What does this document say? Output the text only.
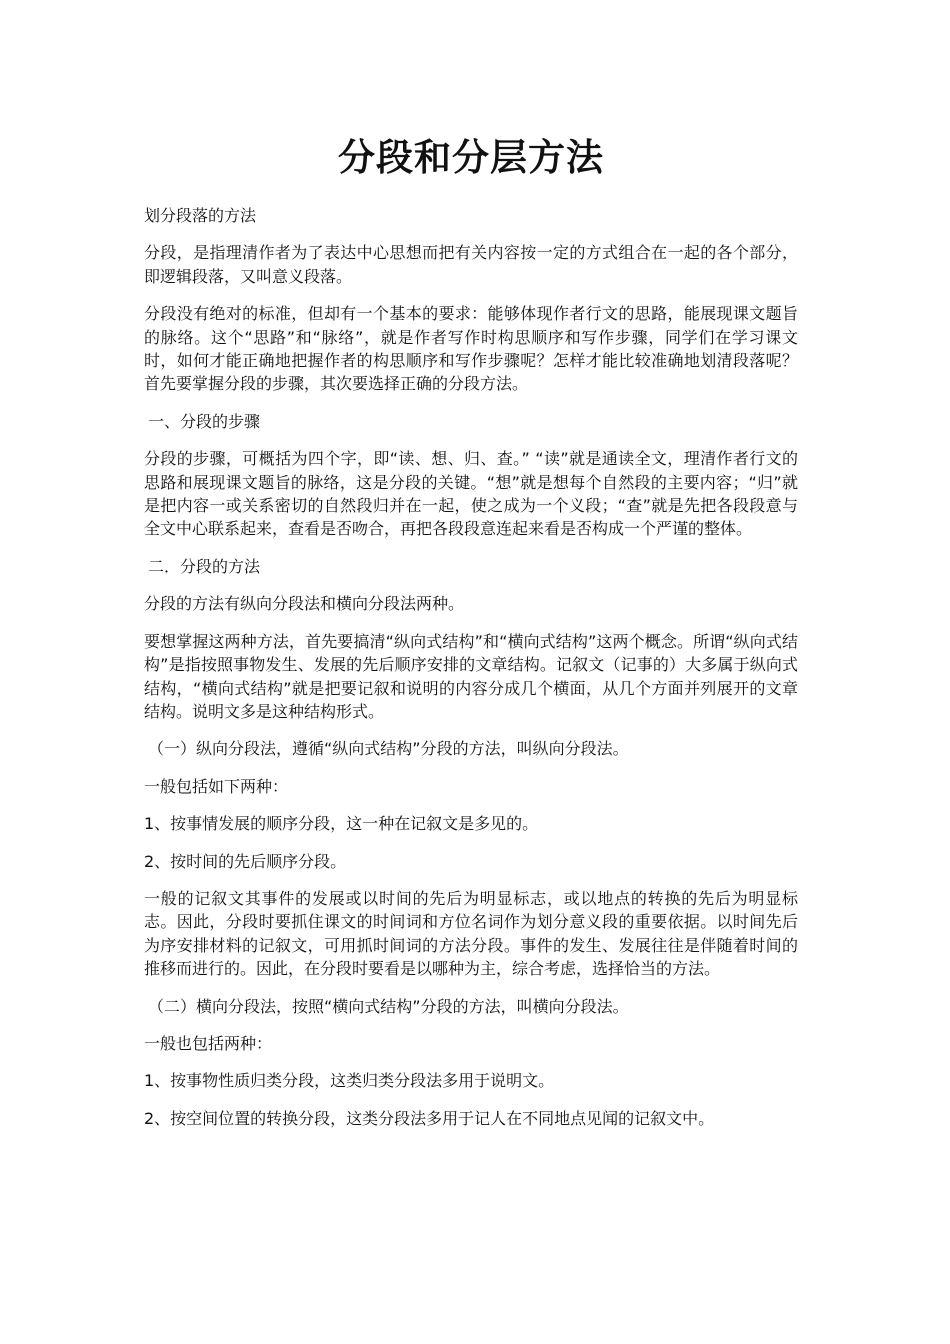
分段和分层方法

划分段落的方法

分段，是指理清作者为了表达中心思想而把有关内容按一定的方式组合在一起的各个部分，即逻辑段落，又叫意义段落。

分段没有绝对的标准，但却有一个基本的要求：能够体现作者行文的思路，能展现课文题旨的脉络。这个“思路”和“脉络”，就是作者写作时构思顺序和写作步骤，同学们在学习课文时，如何才能正确地把握作者的构思顺序和写作步骤呢？怎样才能比较准确地划清段落呢？首先要掌握分段的步骤，其次要选择正确的分段方法。

一、分段的步骤

分段的步骤，可概括为四个字，即“读、想、归、查。” “读”就是通读全文，理清作者行文的思路和展现课文题旨的脉络，这是分段的关键。“想”就是想每个自然段的主要内容；“归”就是把内容一或关系密切的自然段归并在一起，使之成为一个义段；“查”就是先把各段段意与全文中心联系起来，查看是否吻合，再把各段段意连起来看是否构成一个严谨的整体。

二．分段的方法

分段的方法有纵向分段法和横向分段法两种。

要想掌握这两种方法，首先要搞清“纵向式结构”和“横向式结构”这两个概念。所谓“纵向式结构”是指按照事物发生、发展的先后顺序安排的文章结构。记叙文（记事的）大多属于纵向式结构，“横向式结构”就是把要记叙和说明的内容分成几个横面，从几个方面并列展开的文章结构。说明文多是这种结构形式。

（一）纵向分段法，遵循“纵向式结构”分段的方法，叫纵向分段法。

一般包括如下两种：

1、按事情发展的顺序分段，这一种在记叙文是多见的。

2、按时间的先后顺序分段。

一般的记叙文其事件的发展或以时间的先后为明显标志，或以地点的转换的先后为明显标志。因此，分段时要抓住课文的时间词和方位名词作为划分意义段的重要依据。以时间先后为序安排材料的记叙文，可用抓时间词的方法分段。事件的发生、发展往往是伴随着时间的推移而进行的。因此，在分段时要看是以哪种为主，综合考虑，选择恰当的方法。

（二）横向分段法，按照“横向式结构”分段的方法，叫横向分段法。

一般也包括两种：

1、按事物性质归类分段，这类归类分段法多用于说明文。

2、按空间位置的转换分段，这类分段法多用于记人在不同地点见闻的记叙文中。
